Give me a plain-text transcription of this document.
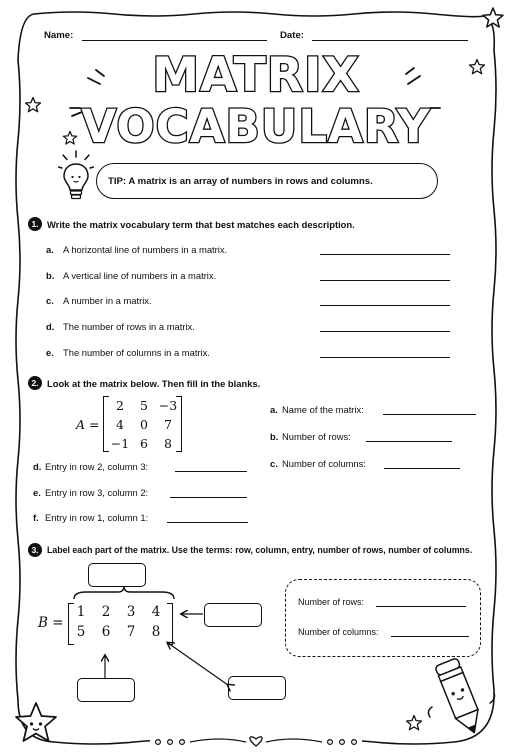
Name:	Date:
MATRIX
VOCABULARY
TIP: A matrix is an array of numbers in rows and columns.
1. Write the matrix vocabulary term that best matches each description.
a. A horizontal line of numbers in a matrix.
b. A vertical line of numbers in a matrix.
c. A number in a matrix.
d. The number of rows in a matrix.
e. The number of columns in a matrix.
2. Look at the matrix below. Then fill in the blanks.
A =
2	5 −3
4	0	7
−1 6	8
a. Name of the matrix:
b. Number of rows:
c. Number of columns:
d. Entry in row 2, column 3:
e. Entry in row 3, column 2:
f. Entry in row 1, column 1:
3. Label each part of the matrix. Use the terms: row, column, entry, number of rows, number of columns.
B =
1	2	3	4
5	6	7	8
Number of rows:
Number of columns:
